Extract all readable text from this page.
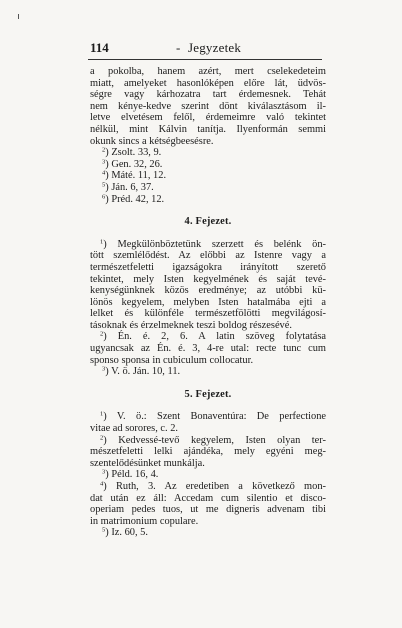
114	- Jegyzetek
a pokolba, hanem azért, mert cselekedeteim
miatt, amelyeket hasonlóképen előre lát, üdvös-
ségre vagy kárhozatra tart érdemesnek. Tehát
nem kénye-kedve szerint dönt kiválasztásom il-
letve elvetésem felől, érdemeimre való tekintet
nélkül, mint Kálvin tanítja. Ilyenformán semmi
okunk sincs a kétségbeesésre.
$^2$) Zsolt. 33, 9.
$^3$) Gen. 32, 26.
$^4$) Máté. 11, 12.
$^5$) Ján. 6, 37.
$^6$) Préd. 42, 12.
4. Fejezet.
$^1$) Megkülönböztetünk szerzett és belénk ön-
tött szemlélődést. Az előbbi az Istenre vagy a
természetfeletti igazságokra irányított szerető
tekintet, mely Isten kegyelmének és saját tevé-
kenységünknek közös eredménye; az utóbbi kü-
lönös kegyelem, melyben Isten hatalmába ejti a
lelket és különféle természetfölötti megvilágosí-
tásoknak és érzelmeknek teszi boldog részesévé.
$^2$) Én. é. 2, 6. A latin szöveg folytatása
ugyancsak az Én. é. 3, 4-re utal: recte tunc cum
sponso sponsa in cubiculum collocatur.
$^3$) V. ö. Ján. 10, 11.
5. Fejezet.
$^1$) V. ö.: Szent Bonaventúra: De perfectione
vitae ad sorores, c. 2.
$^2$) Kedvessé-tevő kegyelem, Isten olyan ter-
mészetfeletti lelki ajándéka, mely egyéni meg-
szentelődésünket munkálja.
$^3$) Péld. 16, 4.
$^4$) Ruth, 3. Az eredetiben a következő mon-
dat után ez áll: Accedam cum silentio et disco-
operiam pedes tuos, ut me digneris advenam tibi
in matrimonium copulare.
$^5$) Iz. 60, 5.
